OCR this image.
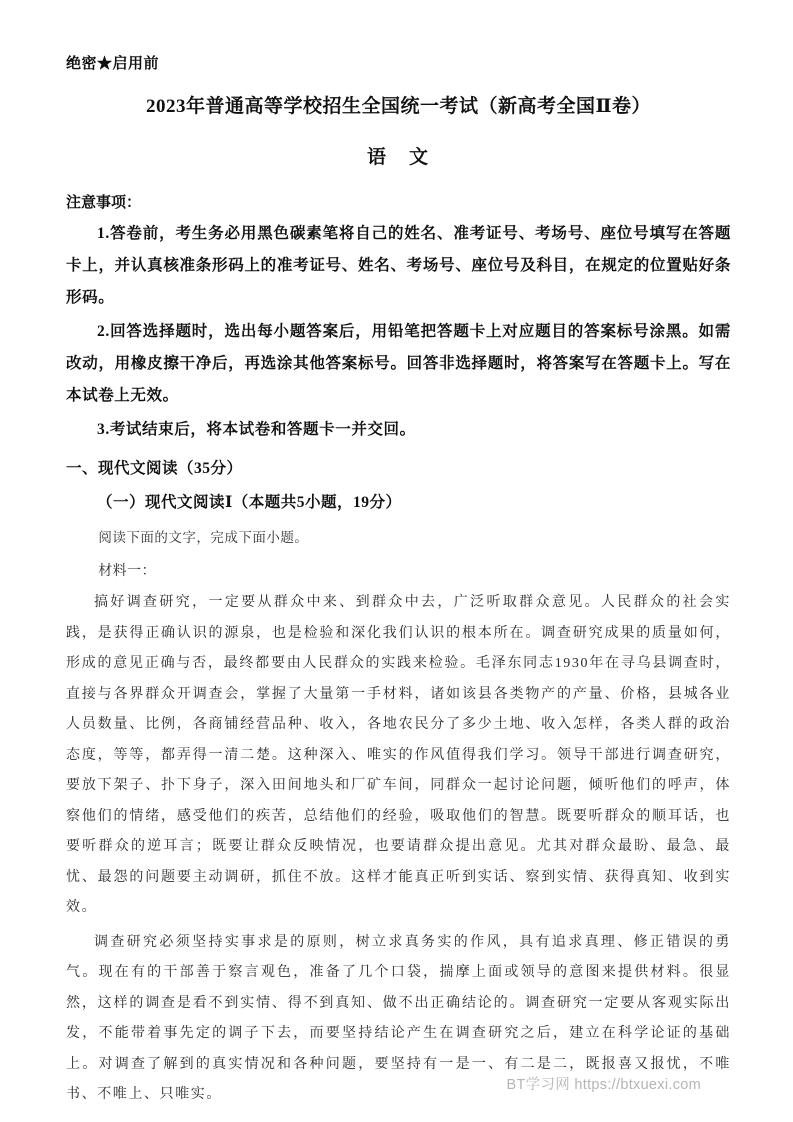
绝密★启用前
2023年普通高等学校招生全国统一考试（新高考全国Ⅱ卷）
语　文
注意事项：

1.答卷前，考生务必用黑色碳素笔将自己的姓名、准考证号、考场号、座位号填写在答题卡上，并认真核准条形码上的准考证号、姓名、考场号、座位号及科目，在规定的位置贴好条形码。

2.回答选择题时，选出每小题答案后，用铅笔把答题卡上对应题目的答案标号涂黑。如需改动，用橡皮擦干净后，再选涂其他答案标号。回答非选择题时，将答案写在答题卡上。写在本试卷上无效。

3.考试结束后，将本试卷和答题卡一并交回。

一、现代文阅读（35分）
（一）现代文阅读Ⅰ（本题共5小题，19分）

阅读下面的文字，完成下面小题。

材料一：

搞好调查研究，一定要从群众中来、到群众中去，广泛听取群众意见。人民群众的社会实践，是获得正确认识的源泉，也是检验和深化我们认识的根本所在。调查研究成果的质量如何，形成的意见正确与否，最终都要由人民群众的实践来检验。毛泽东同志1930年在寻乌县调查时，直接与各界群众开调查会，掌握了大量第一手材料，诸如该县各类物产的产量、价格，县城各业人员数量、比例，各商铺经营品种、收入，各地农民分了多少土地、收入怎样，各类人群的政治态度，等等，都弄得一清二楚。这种深入、唯实的作风值得我们学习。领导干部进行调查研究，要放下架子、扑下身子，深入田间地头和厂矿车间，同群众一起讨论问题，倾听他们的呼声，体察他们的情绪，感受他们的疾苦，总结他们的经验，吸取他们的智慧。既要听群众的顺耳话，也要听群众的逆耳言；既要让群众反映情况，也要请群众提出意见。尤其对群众最盼、最急、最忧、最怨的问题要主动调研，抓住不放。这样才能真正听到实话、察到实情、获得真知、收到实效。

调查研究必须坚持实事求是的原则，树立求真务实的作风，具有追求真理、修正错误的勇气。现在有的干部善于察言观色，准备了几个口袋，揣摩上面或领导的意图来提供材料。很显然，这样的调查是看不到实情、得不到真知、做不出正确结论的。调查研究一定要从客观实际出发，不能带着事先定的调子下去，而要坚持结论产生在调查研究之后，建立在科学论证的基础上。对调查了解到的真实情况和各种问题，要坚持有一是一、有二是二，既报喜又报忧，不唯书、不唯上、只唯实。

BT学习网 https://btxuexi.com
